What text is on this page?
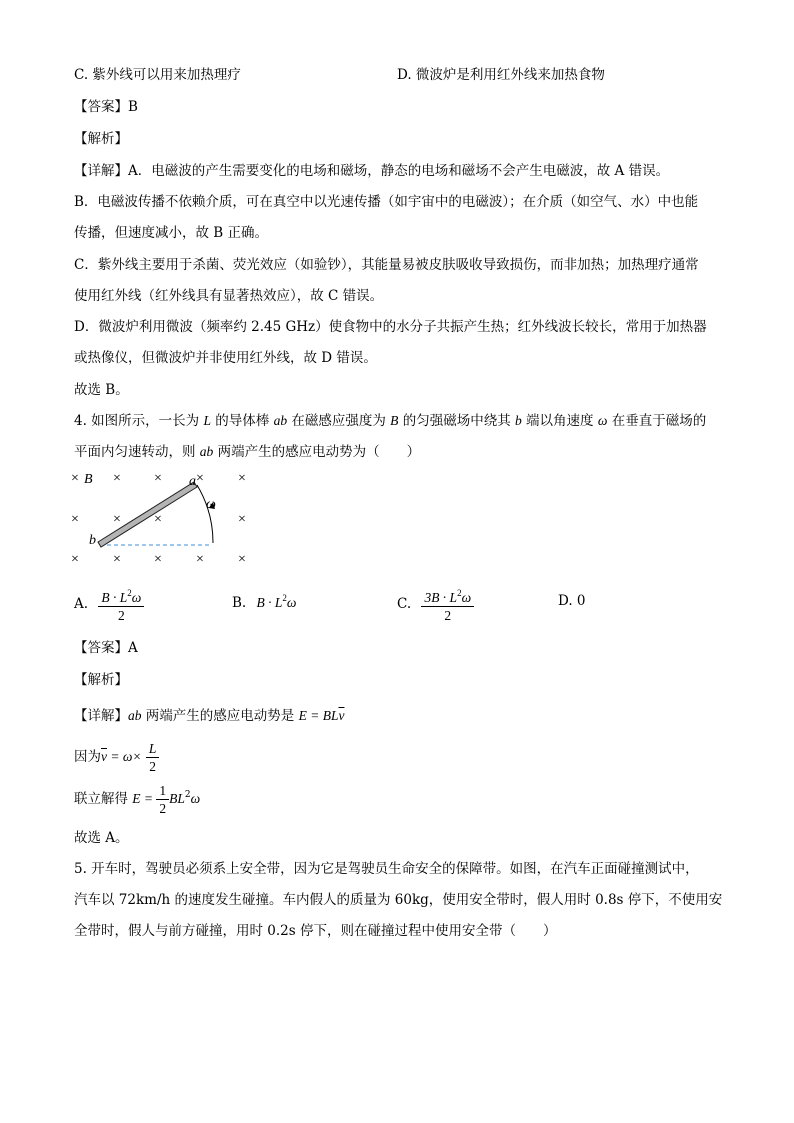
C. 紫外线可以用来加热理疗	D. 微波炉是利用红外线来加热食物
【答案】B
【解析】
【详解】A．电磁波的产生需要变化的电场和磁场，静态的电场和磁场不会产生电磁波，故 A 错误。
B．电磁波传播不依赖介质，可在真空中以光速传播（如宇宙中的电磁波）；在介质（如空气、水）中也能
传播，但速度减小，故 B 正确。
C．紫外线主要用于杀菌、荧光效应（如验钞），其能量易被皮肤吸收导致损伤，而非加热；加热理疗通常
使用红外线（红外线具有显著热效应），故 C 错误。
D．微波炉利用微波（频率约 2.45 GHz）使食物中的水分子共振产生热；红外线波长较长，常用于加热器
或热像仪，但微波炉并非使用红外线，故 D 错误。
故选 B。
4. 如图所示，一长为 L 的导体棒 ab 在磁感应强度为 B 的匀强磁场中绕其 b 端以角速度 ω 在垂直于磁场的
平面内匀速转动，则 ab 两端产生的感应电动势为（　　）
× B × × × ×
× × ×	×
× × × × ×
a
b
ω
A. $\frac{B \cdot L^2\omega}{2}$	B. $B \cdot L^2\omega$	C. $\frac{3B \cdot L^2\omega}{2}$	D. 0
【答案】A
【解析】
【详解】ab 两端产生的感应电动势是 $E = BL\overline{v}$
因为$\overline{v} = \omega\times \frac{L}{2}$
联立解得 $E = \frac{1}{2} BL^2\omega$
故选 A。
5. 开车时，驾驶员必须系上安全带，因为它是驾驶员生命安全的保障带。如图，在汽车正面碰撞测试中，
汽车以 72km/h 的速度发生碰撞。车内假人的质量为 60kg，使用安全带时，假人用时 0.8s 停下，不使用安
全带时，假人与前方碰撞，用时 0.2s 停下，则在碰撞过程中使用安全带（　　）
